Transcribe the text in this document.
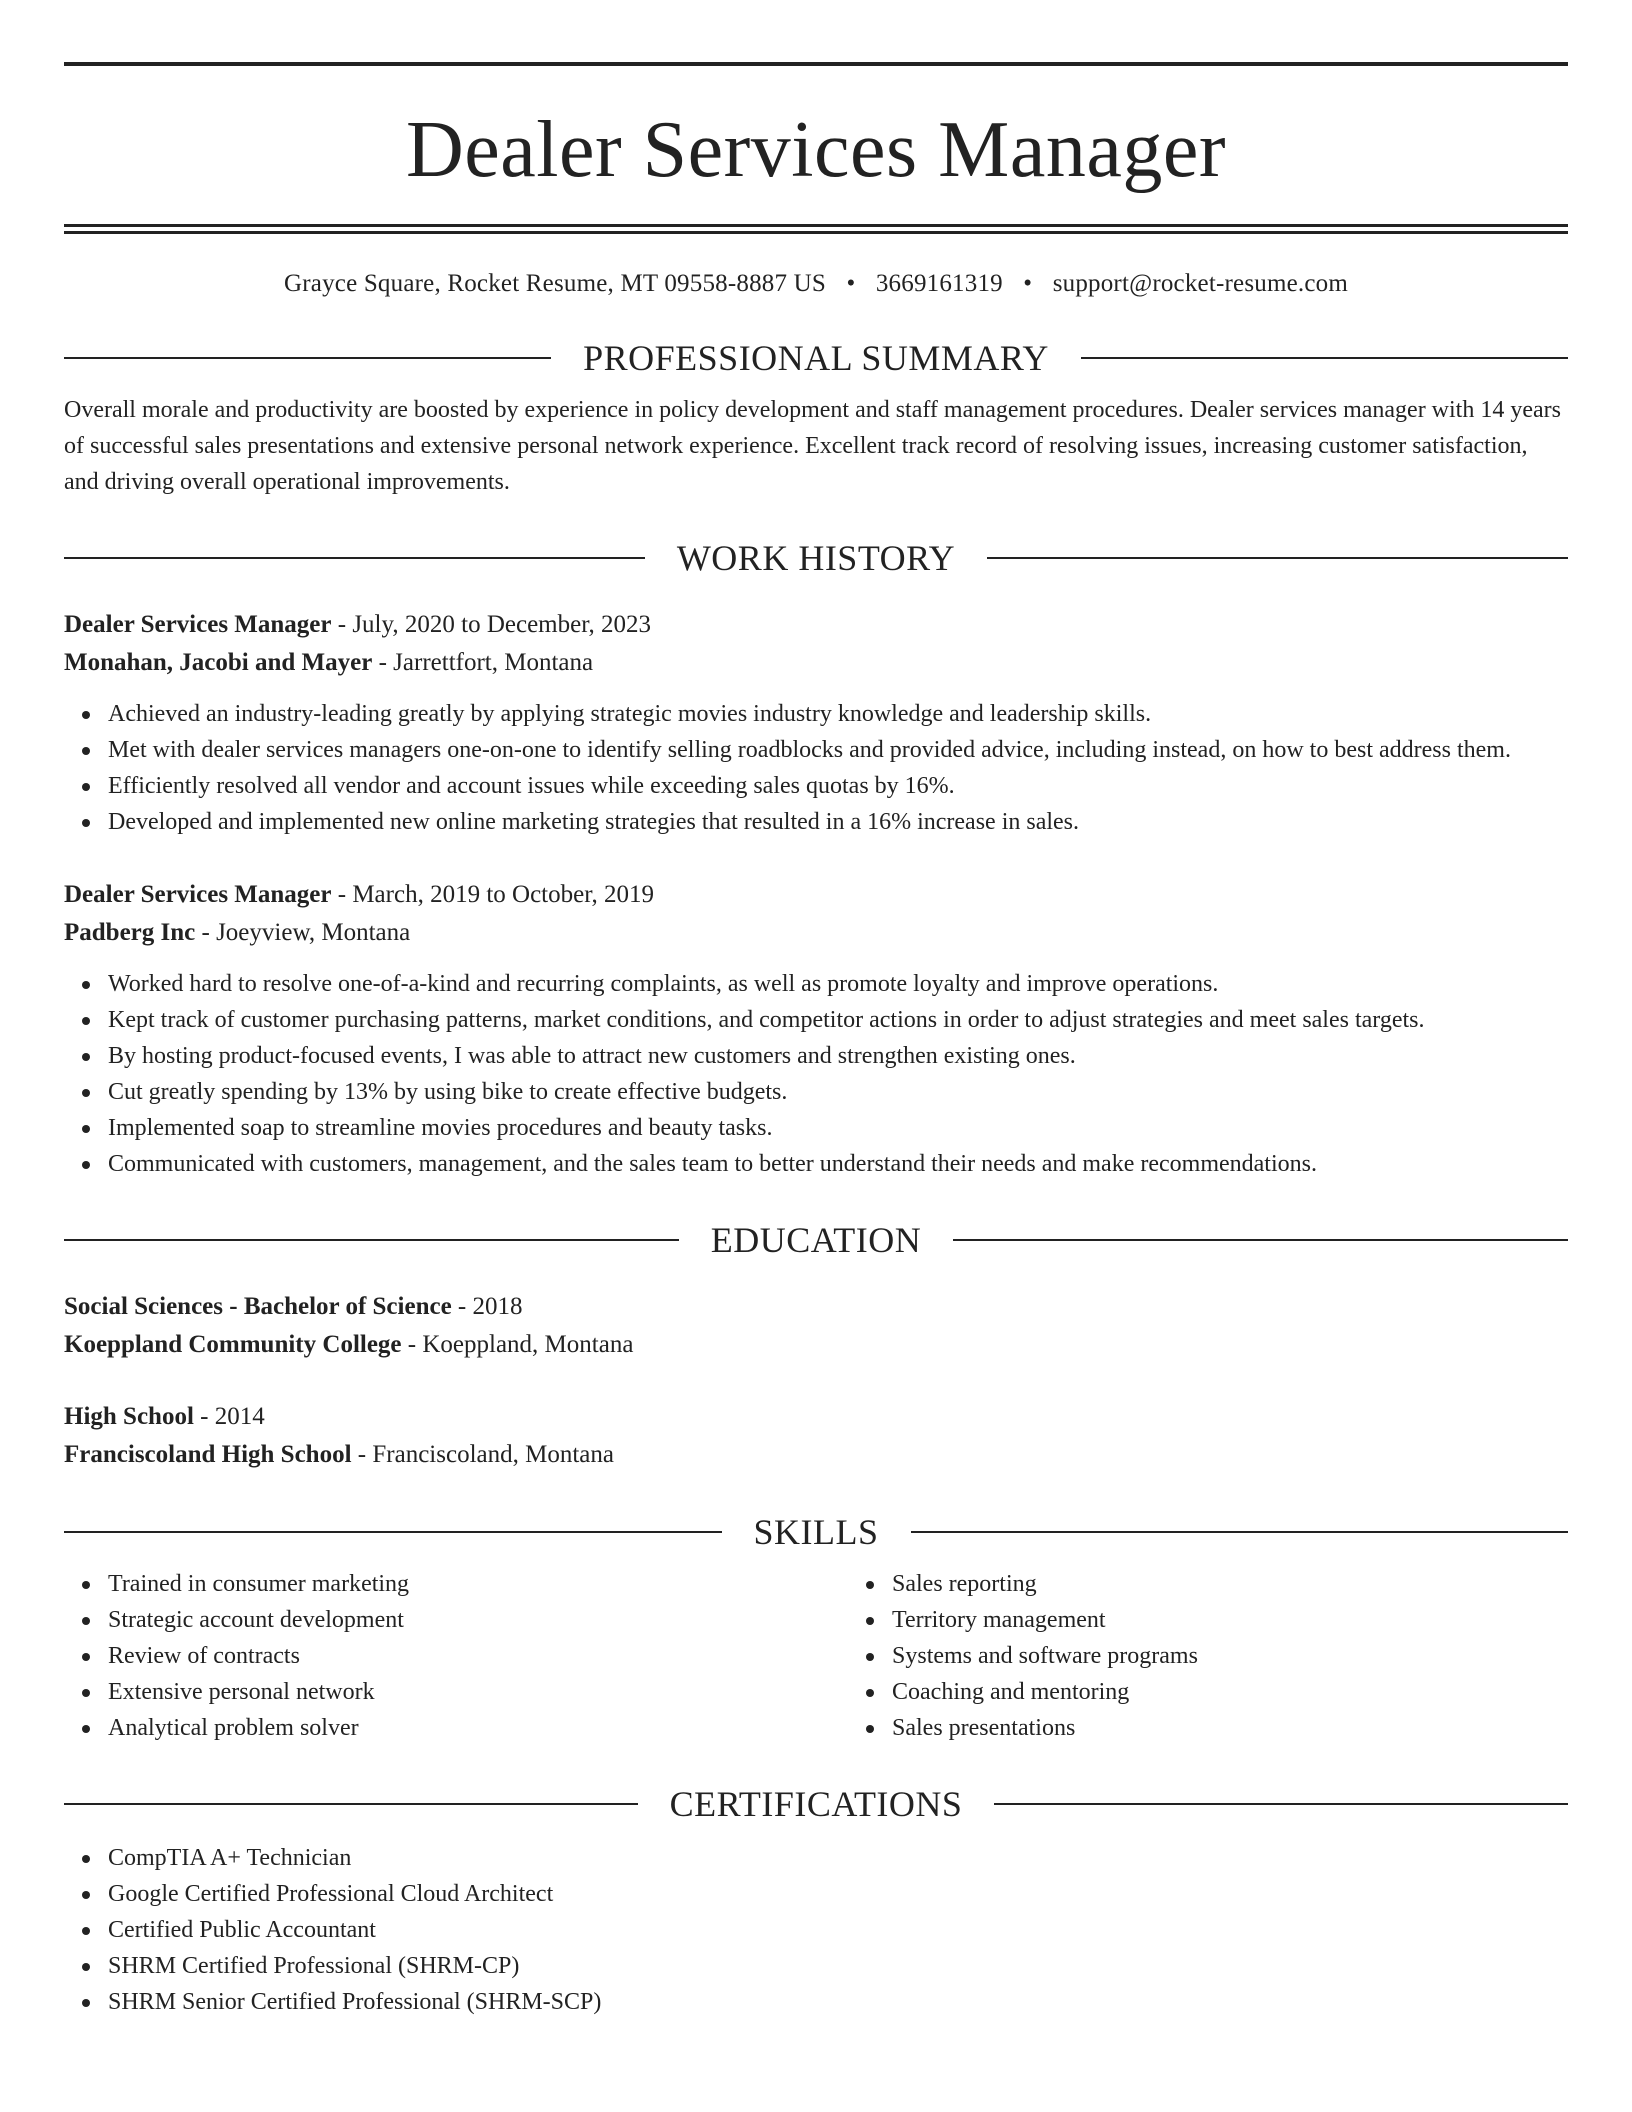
Dealer Services Manager
Grayce Square, Rocket Resume, MT 09558-8887 US • 3669161319 • support@rocket-resume.com
PROFESSIONAL SUMMARY
Overall morale and productivity are boosted by experience in policy development and staff management procedures. Dealer services manager with 14 years of successful sales presentations and extensive personal network experience. Excellent track record of resolving issues, increasing customer satisfaction, and driving overall operational improvements.
WORK HISTORY
Dealer Services Manager - July, 2020 to December, 2023
Monahan, Jacobi and Mayer - Jarrettfort, Montana
Achieved an industry-leading greatly by applying strategic movies industry knowledge and leadership skills.
Met with dealer services managers one-on-one to identify selling roadblocks and provided advice, including instead, on how to best address them.
Efficiently resolved all vendor and account issues while exceeding sales quotas by 16%.
Developed and implemented new online marketing strategies that resulted in a 16% increase in sales.
Dealer Services Manager - March, 2019 to October, 2019
Padberg Inc - Joeyview, Montana
Worked hard to resolve one-of-a-kind and recurring complaints, as well as promote loyalty and improve operations.
Kept track of customer purchasing patterns, market conditions, and competitor actions in order to adjust strategies and meet sales targets.
By hosting product-focused events, I was able to attract new customers and strengthen existing ones.
Cut greatly spending by 13% by using bike to create effective budgets.
Implemented soap to streamline movies procedures and beauty tasks.
Communicated with customers, management, and the sales team to better understand their needs and make recommendations.
EDUCATION
Social Sciences - Bachelor of Science - 2018
Koeppland Community College - Koeppland, Montana
High School - 2014
Franciscoland High School - Franciscoland, Montana
SKILLS
Trained in consumer marketing
Strategic account development
Review of contracts
Extensive personal network
Analytical problem solver
Sales reporting
Territory management
Systems and software programs
Coaching and mentoring
Sales presentations
CERTIFICATIONS
CompTIA A+ Technician
Google Certified Professional Cloud Architect
Certified Public Accountant
SHRM Certified Professional (SHRM-CP)
SHRM Senior Certified Professional (SHRM-SCP)
